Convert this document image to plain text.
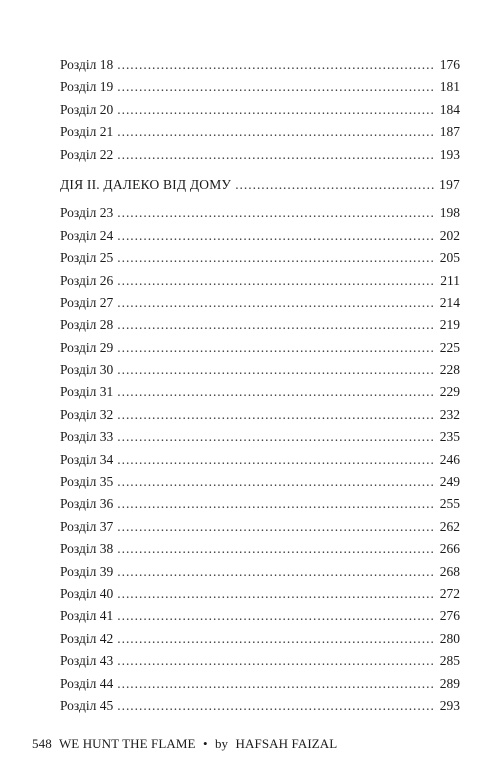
Розділ 18 . . .	176
Розділ 19 . . .	181
Розділ 20 . . .	184
Розділ 21 . . .	187
Розділ 22 . . .	193
ДІЯ ІІ. ДАЛЕКО ВІД ДОМУ . . .	197
Розділ 23 . . .	198
Розділ 24 . . .	202
Розділ 25 . . .	205
Розділ 26 . . .	211
Розділ 27 . . .	214
Розділ 28 . . .	219
Розділ 29 . . .	225
Розділ 30 . . .	228
Розділ 31 . . .	229
Розділ 32 . . .	232
Розділ 33 . . .	235
Розділ 34 . . .	246
Розділ 35 . . .	249
Розділ 36 . . .	255
Розділ 37 . . .	262
Розділ 38 . . .	266
Розділ 39 . . .	268
Розділ 40 . . .	272
Розділ 41 . . .	276
Розділ 42 . . .	280
Розділ 43 . . .	285
Розділ 44 . . .	289
Розділ 45 . . .	293
548 WE HUNT THE FLAME • by HAFSAH FAIZAL
